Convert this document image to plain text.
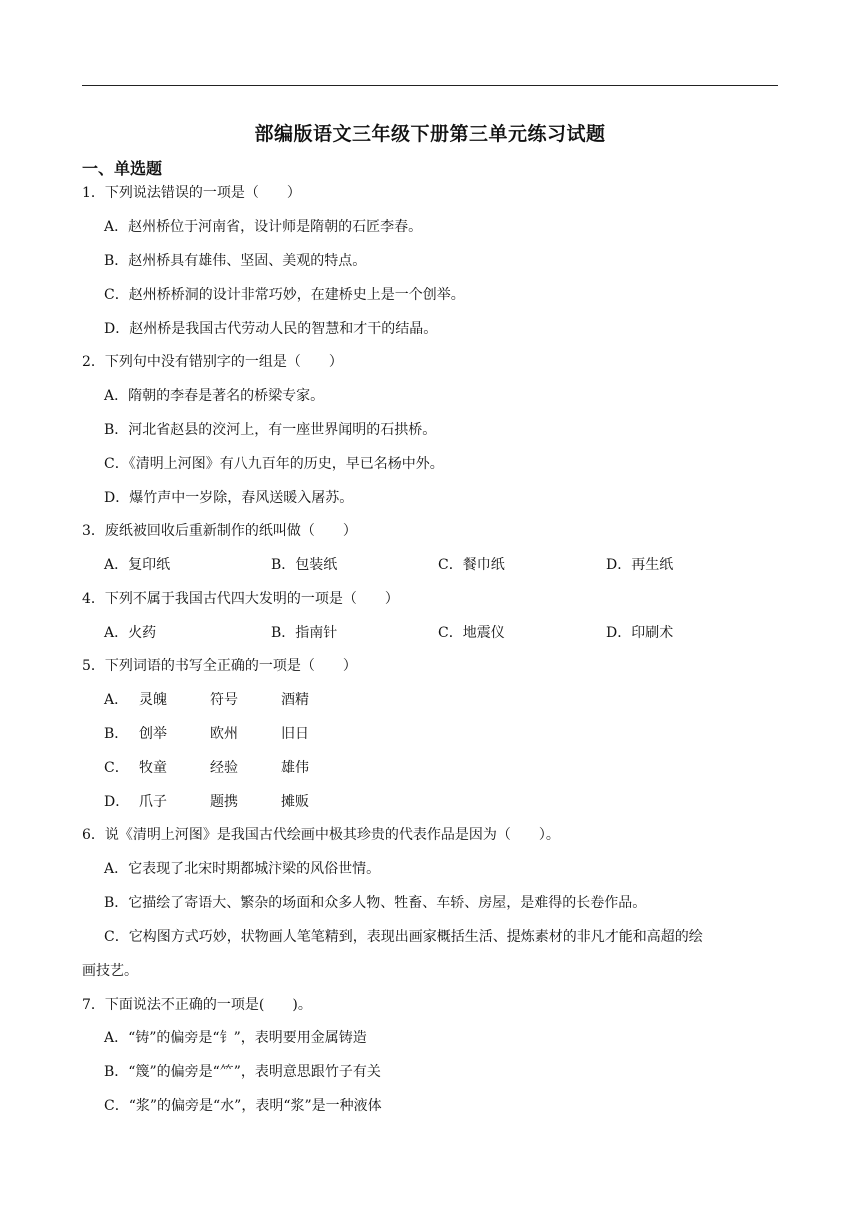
部编版语文三年级下册第三单元练习试题
一、单选题
1．下列说法错误的一项是（　　）
A．赵州桥位于河南省，设计师是隋朝的石匠李春。
B．赵州桥具有雄伟、坚固、美观的特点。
C．赵州桥桥洞的设计非常巧妙，在建桥史上是一个创举。
D．赵州桥是我国古代劳动人民的智慧和才干的结晶。
2．下列句中没有错别字的一组是（　　）
A．隋朝的李春是著名的桥梁专家。
B．河北省赵县的洨河上，有一座世界闻明的石拱桥。
C．《清明上河图》有八九百年的历史，早已名杨中外。
D．爆竹声中一岁除，春风送暖入屠苏。
3．废纸被回收后重新制作的纸叫做（　　）
A．复印纸	B．包装纸	C．餐巾纸	D．再生纸
4．下列不属于我国古代四大发明的一项是（　　）
A．火药	B．指南针	C．地震仪	D．印刷术
5．下列词语的书写全正确的一项是（　　）
A． 灵魄	符号	酒精
B． 创举	欧州	旧日
C． 牧童	经验	雄伟
D． 爪子	题携	摊贩
6．说《清明上河图》是我国古代绘画中极其珍贵的代表作品是因为（　　）。
A．它表现了北宋时期都城汴梁的风俗世情。
B．它描绘了寄语大、繁杂的场面和众多人物、牲畜、车轿、房屋，是难得的长卷作品。
C．它构图方式巧妙，状物画人笔笔精到，表现出画家概括生活、提炼素材的非凡才能和高超的绘
画技艺。
7．下面说法不正确的一项是(　　)。
A．“铸”的偏旁是“钅”，表明要用金属铸造
B．“篾”的偏旁是“⺮”，表明意思跟竹子有关
C．“浆”的偏旁是“水”，表明“浆”是一种液体
